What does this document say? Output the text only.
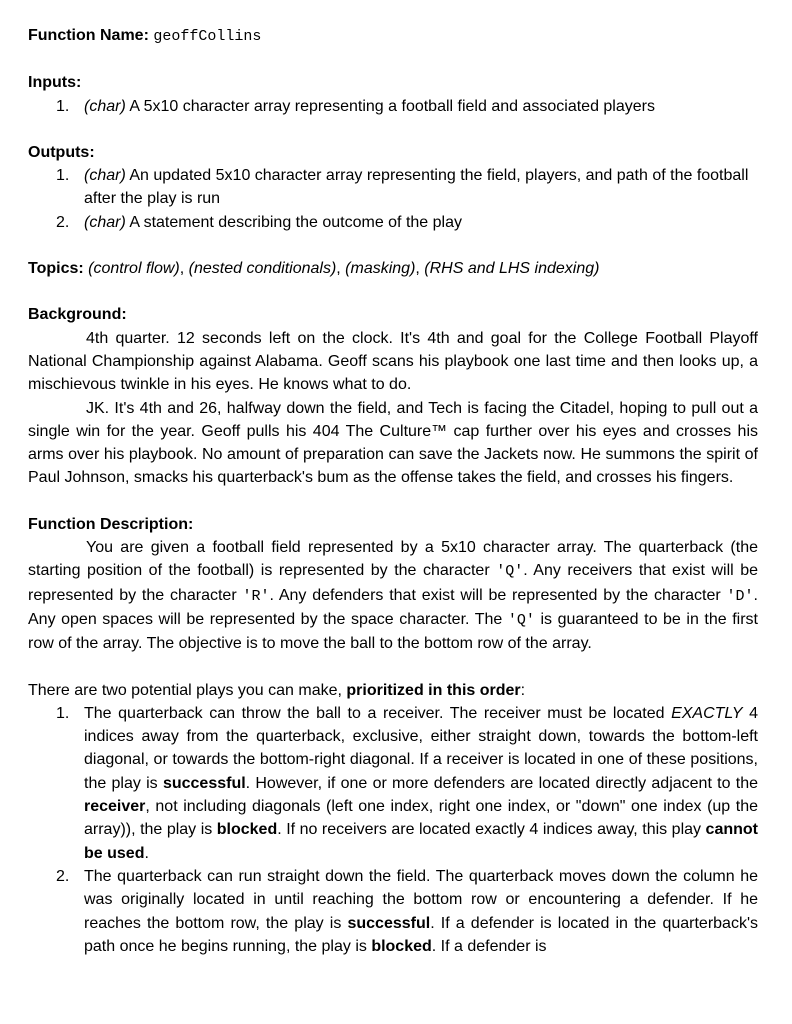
Function Name: geoffCollins

Inputs:

1. (char) A 5x10 character array representing a football field and associated players

Outputs:

1. (char) An updated 5x10 character array representing the field, players, and path of the football after the play is run
2. (char) A statement describing the outcome of the play

Topics: (control flow), (nested conditionals), (masking), (RHS and LHS indexing)

Background:

4th quarter. 12 seconds left on the clock. It's 4th and goal for the College Football Playoff National Championship against Alabama. Geoff scans his playbook one last time and then looks up, a mischievous twinkle in his eyes. He knows what to do.

JK. It's 4th and 26, halfway down the field, and Tech is facing the Citadel, hoping to pull out a single win for the year. Geoff pulls his 404 The Culture™ cap further over his eyes and crosses his arms over his playbook. No amount of preparation can save the Jackets now. He summons the spirit of Paul Johnson, smacks his quarterback's bum as the offense takes the field, and crosses his fingers.

Function Description:

You are given a football field represented by a 5x10 character array. The quarterback (the starting position of the football) is represented by the character 'Q'. Any receivers that exist will be represented by the character 'R'. Any defenders that exist will be represented by the character 'D'. Any open spaces will be represented by the space character. The 'Q' is guaranteed to be in the first row of the array. The objective is to move the ball to the bottom row of the array.

There are two potential plays you can make, prioritized in this order:

1. The quarterback can throw the ball to a receiver. The receiver must be located EXACTLY 4 indices away from the quarterback, exclusive, either straight down, towards the bottom-left diagonal, or towards the bottom-right diagonal. If a receiver is located in one of these positions, the play is successful. However, if one or more defenders are located directly adjacent to the receiver, not including diagonals (left one index, right one index, or "down" one index (up the array)), the play is blocked. If no receivers are located exactly 4 indices away, this play cannot be used.
2. The quarterback can run straight down the field. The quarterback moves down the column he was originally located in until reaching the bottom row or encountering a defender. If he reaches the bottom row, the play is successful. If a defender is located in the quarterback's path once he begins running, the play is blocked. If a defender is
